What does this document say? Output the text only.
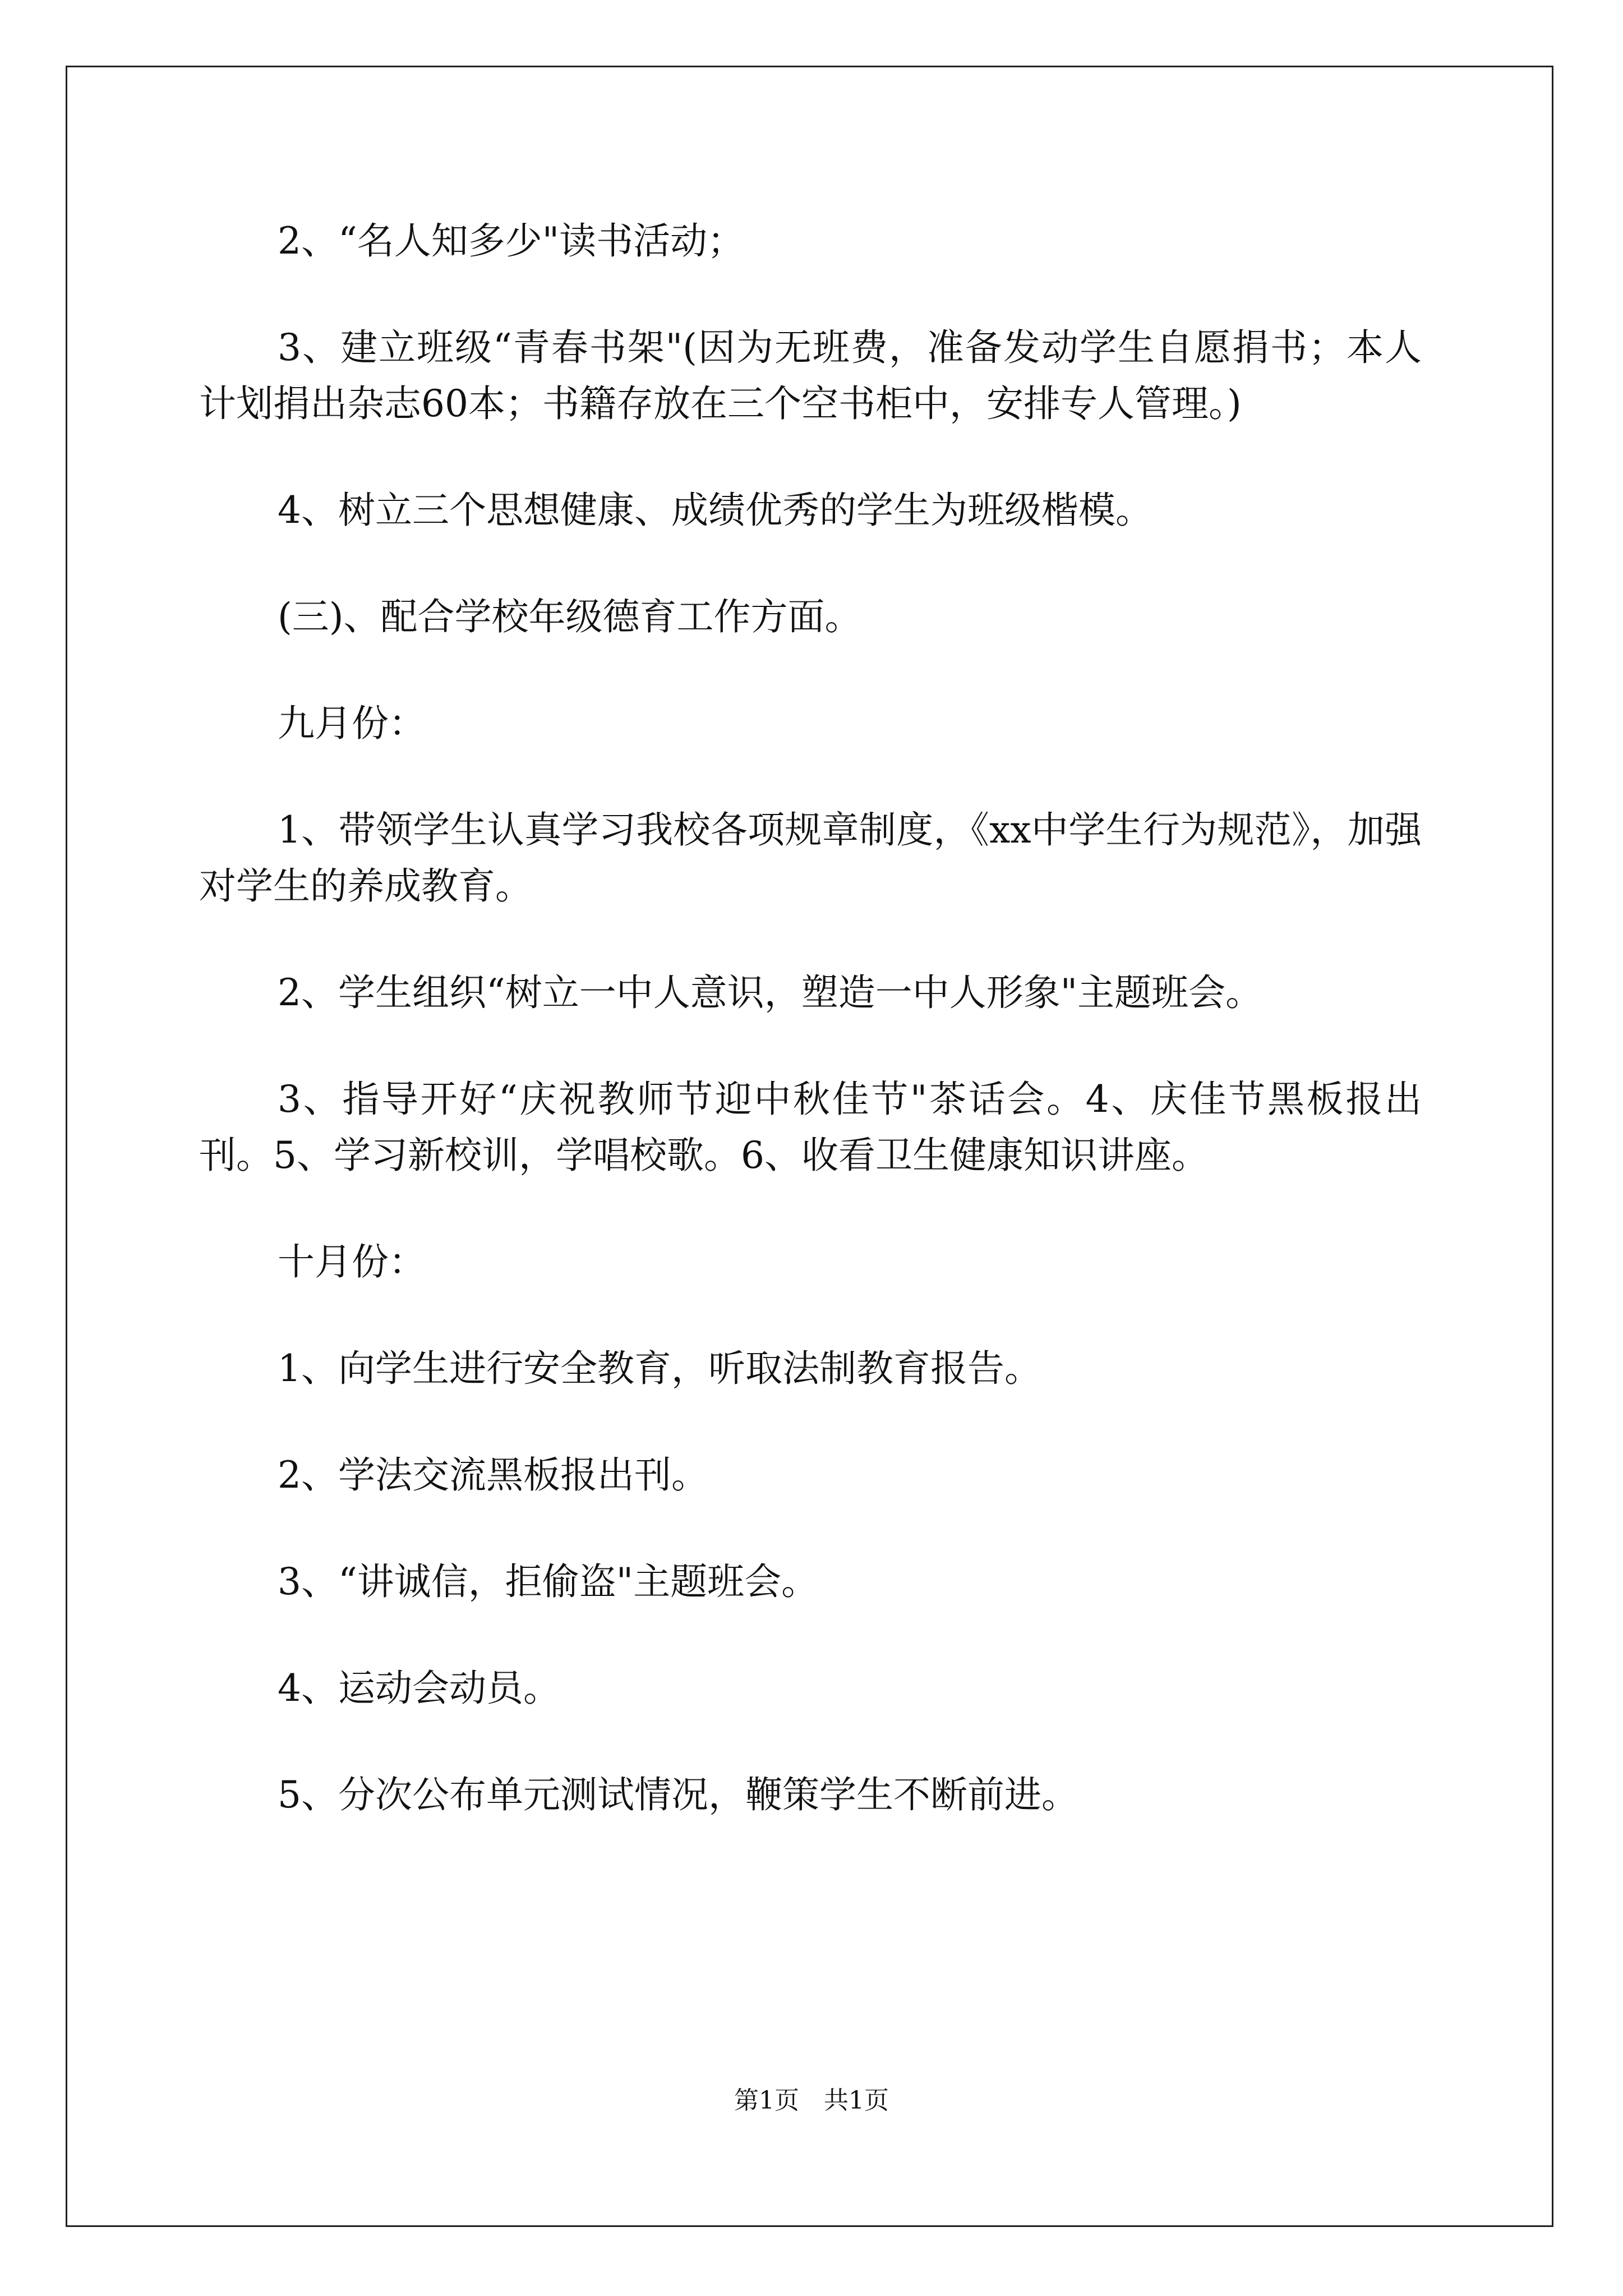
2、“名人知多少"读书活动；

3、建立班级“青春书架"(因为无班费，准备发动学生自愿捐书；本人计划捐出杂志60本；书籍存放在三个空书柜中，安排专人管理。)

4、树立三个思想健康、成绩优秀的学生为班级楷模。

(三)、配合学校年级德育工作方面。

九月份：

1、带领学生认真学习我校各项规章制度，《xx中学生行为规范》，加强对学生的养成教育。

2、学生组织“树立一中人意识，塑造一中人形象"主题班会。

3、指导开好“庆祝教师节迎中秋佳节"茶话会。4、庆佳节黑板报出刊。5、学习新校训，学唱校歌。6、收看卫生健康知识讲座。

十月份：

1、向学生进行安全教育，听取法制教育报告。

2、学法交流黑板报出刊。

3、“讲诚信，拒偷盗"主题班会。

4、运动会动员。

5、分次公布单元测试情况，鞭策学生不断前进。

第1页　共1页
